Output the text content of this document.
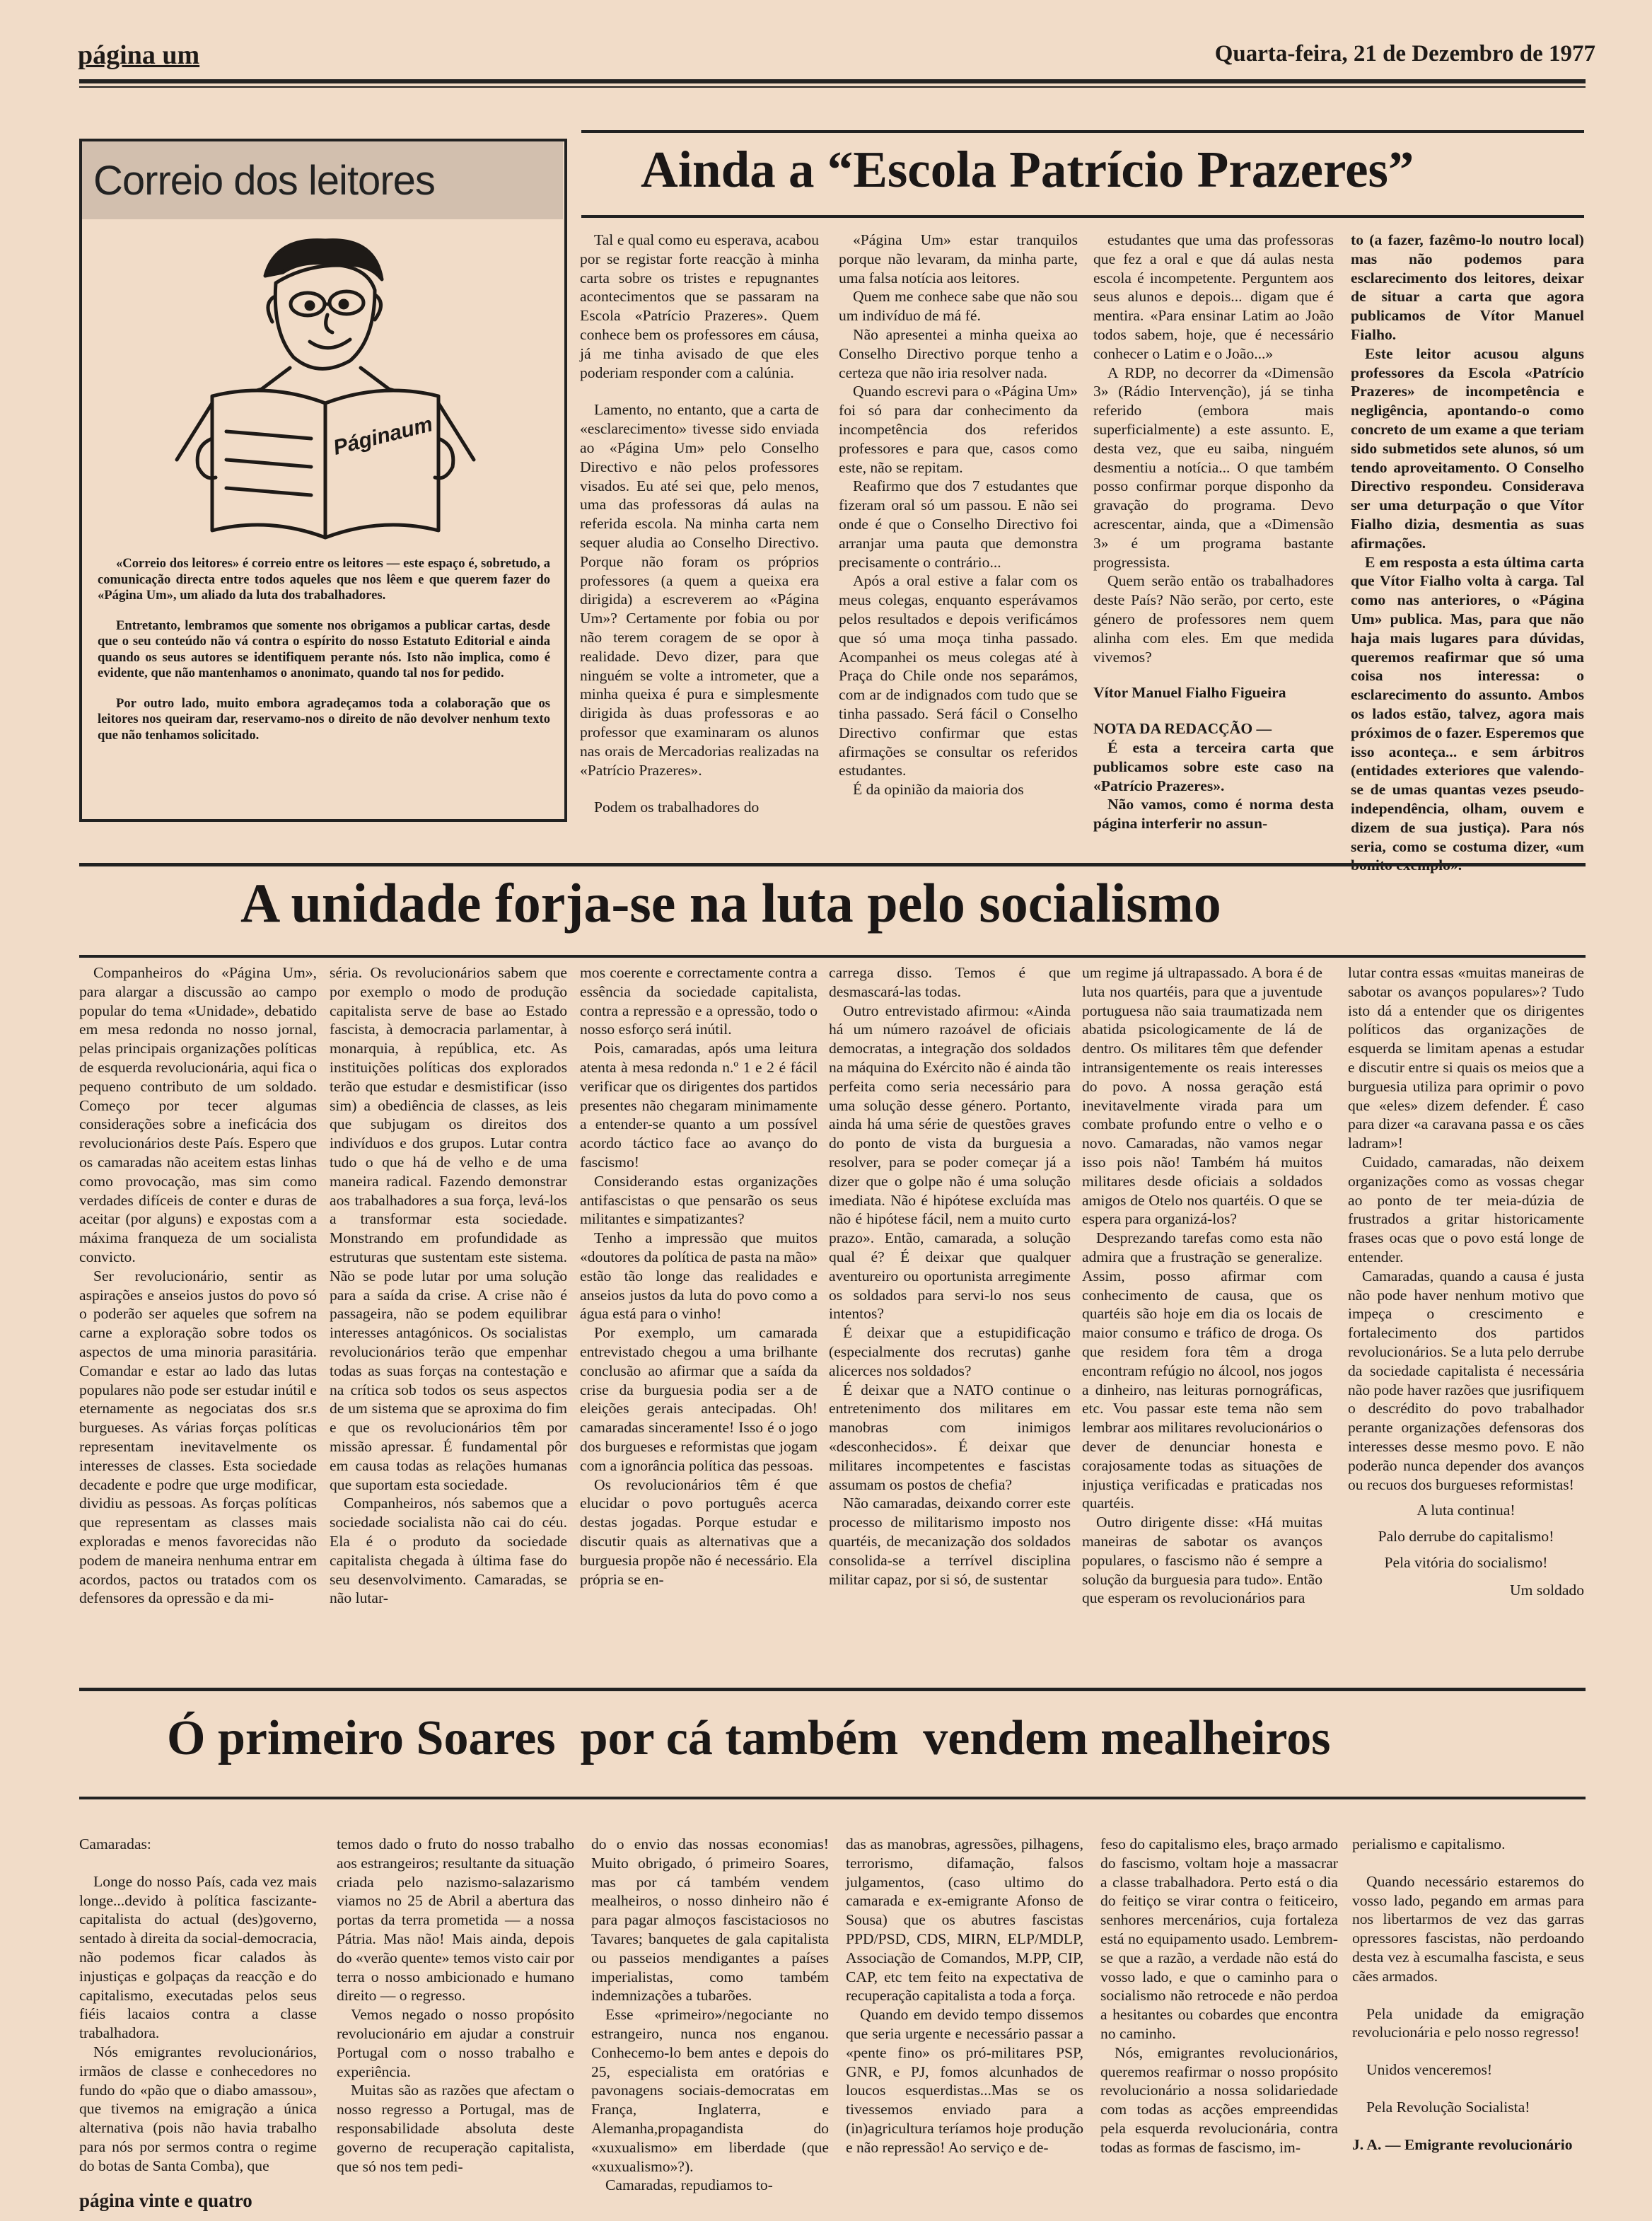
página um	Quarta-feira, 21 de Dezembro de 1977
Correio dos leitores
Páginaum

«Correio dos leitores» é correio entre os leitores — este espaço é, sobretudo, a comunicação directa entre todos aqueles que nos lêem e que querem fazer do «Página Um», um aliado da luta dos trabalhadores.

Entretanto, lembramos que somente nos obrigamos a publicar cartas, desde que o seu conteúdo não vá contra o espírito do nosso Estatuto Editorial e ainda quando os seus autores se identifiquem perante nós. Isto não implica, como é evidente, que não mantenhamos o anonimato, quando tal nos for pedido.

Por outro lado, muito embora agradeçamos toda a colaboração que os leitores nos queiram dar, reservamo-nos o direito de não devolver nenhum texto que não tenhamos solicitado.

Ainda a “Escola Patrício Prazeres”

Tal e qual como eu esperava, acabou por se registar forte reacção à minha carta sobre os tristes e repugnantes acontecimentos que se passaram na Escola «Patrício Prazeres». Quem conhece bem os professores em cáusa, já me tinha avisado de que eles poderiam responder com a calúnia.

Lamento, no entanto, que a carta de «esclarecimento» tivesse sido enviada ao «Página Um» pelo Conselho Directivo e não pelos professores visados. Eu até sei que, pelo menos, uma das professoras dá aulas na referida escola. Na minha carta nem sequer aludia ao Conselho Directivo. Porque não foram os próprios professores (a quem a queixa era dirigida) a escreverem ao «Página Um»? Certamente por fobia ou por não terem coragem de se opor à realidade. Devo dizer, para que ninguém se volte a intrometer, que a minha queixa é pura e simplesmente dirigida às duas professoras e ao professor que examinaram os alunos nas orais de Mercadorias realizadas na «Patrício Prazeres».

Podem os trabalhadores do

«Página Um» estar tranquilos porque não levaram, da minha parte, uma falsa notícia aos leitores.

Quem me conhece sabe que não sou um indivíduo de má fé.

Não apresentei a minha queixa ao Conselho Directivo porque tenho a certeza que não iria resolver nada.

Quando escrevi para o «Página Um» foi só para dar conhecimento da incompetência dos referidos professores e para que, casos como este, não se repitam.

Reafirmo que dos 7 estudantes que fizeram oral só um passou. E não sei onde é que o Conselho Directivo foi arranjar uma pauta que demonstra precisamente o contrário...

Após a oral estive a falar com os meus colegas, enquanto esperávamos pelos resultados e depois verificámos que só uma moça tinha passado. Acompanhei os meus colegas até à Praça do Chile onde nos separámos, com ar de indignados com tudo que se tinha passado. Será fácil o Conselho Directivo confirmar que estas afirmações se consultar os referidos estudantes.

É da opinião da maioria dos

estudantes que uma das professoras que fez a oral e que dá aulas nesta escola é incompetente. Perguntem aos seus alunos e depois... digam que é mentira. «Para ensinar Latim ao João todos sabem, hoje, que é necessário conhecer o Latim e o João...»

A RDP, no decorrer da «Dimensão 3» (Rádio Intervenção), já se tinha referido (embora mais superficialmente) a este assunto. E, desta vez, que eu saiba, ninguém desmentiu a notícia... O que também posso confirmar porque disponho da gravação do programa. Devo acrescentar, ainda, que a «Dimensão 3» é um programa bastante progressista.

Quem serão então os trabalhadores deste País? Não serão, por certo, este género de professores nem quem alinha com eles. Em que medida vivemos?

Vítor Manuel Fialho Figueira

NOTA DA REDACÇÃO —

É esta a terceira carta que publicamos sobre este caso na «Patrício Prazeres».

Não vamos, como é norma desta página interferir no assun-

to (a fazer, fazêmo-lo noutro local) mas não podemos para esclarecimento dos leitores, deixar de situar a carta que agora publicamos de Vítor Manuel Fialho.

Este leitor acusou alguns professores da Escola «Patrício Prazeres» de incompetência e negligência, apontando-o como concreto de um exame a que teriam sido submetidos sete alunos, só um tendo aproveitamento. O Conselho Directivo respondeu. Considerava ser uma deturpação o que Vítor Fialho dizia, desmentia as suas afirmações.

E em resposta a esta última carta que Vítor Fialho volta à carga. Tal como nas anteriores, o «Página Um» publica. Mas, para que não haja mais lugares para dúvidas, queremos reafirmar que só uma coisa nos interessa: o esclarecimento do assunto. Ambos os lados estão, talvez, agora mais próximos de o fazer. Esperemos que isso aconteça... e sem árbitros (entidades exteriores que valendo-se de umas quantas vezes pseudo-independência, olham, ouvem e dizem de sua justiça). Para nós seria, como se costuma dizer, «um

A unidade forja-se na luta pelo socialismo

Companheiros do «Página Um», para alargar a discussão ao campo popular do tema «Unidade», debatido em mesa redonda no nosso jornal, pelas principais organizações políticas de esquerda revolucionária, aqui fica o pequeno contributo de um soldado. Começo por tecer algumas considerações sobre a ineficácia dos revolucionários deste País. Espero que os camaradas não aceitem estas linhas como provocação, mas sim como verdades difíceis de conter e duras de aceitar (por alguns) e expostas com a máxima franqueza de um socialista convicto.

Ser revolucionário, sentir as aspirações e anseios justos do povo só o poderão ser aqueles que sofrem na carne a exploração sobre todos os aspectos de uma minoria parasitária. Comandar e estar ao lado das lutas populares não pode ser estudar inútil e eternamente as negociatas dos sr.s burgueses. As várias forças políticas representam inevitavelmente os interesses de classes. Esta sociedade decadente e podre que urge modificar, dividiu as pessoas. As forças políticas que representam as classes mais exploradas e menos favorecidas não podem de maneira nenhuma entrar em acordos, pactos ou tratados com os defensores da opressão e da mi-

séria. Os revolucionários sabem que por exemplo o modo de produção capitalista serve de base ao Estado fascista, à democracia parlamentar, à monarquia, à república, etc. As instituições políticas dos explorados terão que estudar e desmistificar (isso sim) a obediência de classes, as leis que subjugam os direitos dos indivíduos e dos grupos. Lutar contra tudo o que há de velho e de uma maneira radical. Fazendo demonstrar aos trabalhadores a sua força, levá-los a transformar esta sociedade. Monstrando em profundidade as estruturas que sustentam este sistema. Não se pode lutar por uma solução para a saída da crise. A crise não é passageira, não se podem equilibrar interesses antagónicos. Os socialistas revolucionários terão que empenhar todas as suas forças na contestação e na crítica sob todos os seus aspectos de um sistema que se aproxima do fim e que os revolucionários têm por missão apressar. É fundamental pôr em causa todas as relações humanas que suportam esta sociedade.

Companheiros, nós sabemos que a sociedade socialista não cai do céu. Ela é o produto da sociedade capitalista chegada à última fase do seu desenvolvimento. Camaradas, se não lutar-

mos coerente e correctamente contra a essência da sociedade capitalista, contra a repressão e a opressão, todo o nosso esforço será inútil.

Pois, camaradas, após uma leitura atenta à mesa redonda n.º 1 e 2 é fácil verificar que os dirigentes dos partidos presentes não chegaram minimamente a entender-se quanto a um possível acordo táctico face ao avanço do fascismo!

Considerando estas organizações antifascistas o que pensarão os seus militantes e simpatizantes?

Tenho a impressão que muitos «doutores da política de pasta na mão» estão tão longe das realidades e anseios justos da luta do povo como a água está para o vinho!

Por exemplo, um camarada entrevistado chegou a uma brilhante conclusão ao afirmar que a saída da crise da burguesia podia ser a de eleições gerais antecipadas. Oh! camaradas sinceramente! Isso é o jogo dos burgueses e reformistas que jogam com a ignorância política das pessoas.

Os revolucionários têm é que elucidar o povo português acerca destas jogadas. Porque estudar e discutir quais as alternativas que a burguesia propõe não é necessário. Ela própria se en-

carrega disso. Temos é que desmascará-las todas.

Outro entrevistado afirmou: «Ainda há um número razoável de oficiais democratas, a integração dos soldados na máquina do Exército não é ainda tão perfeita como seria necessário para uma solução desse género. Portanto, ainda há uma série de questões graves do ponto de vista da burguesia a resolver, para se poder começar já a dizer que o golpe não é uma solução imediata. Não é hipótese excluída mas não é hipótese fácil, nem a muito curto prazo». Então, camarada, a solução qual é? É deixar que qualquer aventureiro ou oportunista arregimente os soldados para servi-lo nos seus intentos?

É deixar que a estupidificação (especialmente dos recrutas) ganhe alicerces nos soldados?

É deixar que a NATO continue o entretenimento dos militares em manobras com inimigos «desconhecidos». É deixar que militares incompetentes e fascistas assumam os postos de chefia?

Não camaradas, deixando correr este processo de militarismo imposto nos quartéis, de mecanização dos soldados consolida-se a terrível disciplina militar capaz, por si só, de sustentar

um regime já ultrapassado. A bora é de luta nos quartéis, para que a juventude portuguesa não saia traumatizada nem abatida psicologicamente de lá de dentro. Os militares têm que defender intransigentemente os reais interesses do povo. A nossa geração está inevitavelmente virada para um combate profundo entre o velho e o novo. Camaradas, não vamos negar isso pois não! Também há muitos militares desde oficiais a soldados amigos de Otelo nos quartéis. O que se espera para organizá-los?

Desprezando tarefas como esta não admira que a frustração se generalize. Assim, posso afirmar com conhecimento de causa, que os quartéis são hoje em dia os locais de maior consumo e tráfico de droga. Os que residem fora têm a droga encontram refúgio no álcool, nos jogos a dinheiro, nas leituras pornográficas, etc. Vou passar este tema não sem lembrar aos militares revolucionários o dever de denunciar honesta e corajosamente todas as situações de injustiça verificadas e praticadas nos quartéis.

Outro dirigente disse: «Há muitas maneiras de sabotar os avanços populares, o fascismo não é sempre a solução da burguesia para tudo». Então que esperam os revolucionários para

lutar contra essas «muitas maneiras de sabotar os avanços populares»? Tudo isto dá a entender que os dirigentes políticos das organizações de esquerda se limitam apenas a estudar e discutir entre si quais os meios que a burguesia utiliza para oprimir o povo que «eles» dizem defender. É caso para dizer «a caravana passa e os cães ladram»!

Cuidado, camaradas, não deixem organizações como as vossas chegar ao ponto de ter meia-dúzia de frustrados a gritar historicamente frases ocas que o povo está longe de entender.

Camaradas, quando a causa é justa não pode haver nenhum motivo que impeça o crescimento e fortalecimento dos partidos revolucionários. Se a luta pelo derrube da sociedade capitalista é necessária não pode haver razões que jusrifiquem o descrédito do povo trabalhador perante organizações defensoras dos interesses desse mesmo povo. E não poderão nunca depender dos avanços ou recuos dos burgueses reformistas!

A luta continua!

Palo derrube do capitalismo!

Pela vitória do socialismo!

Um soldado

Ó primeiro Soares  por cá também  vendem mealheiros

Camaradas:

Longe do nosso País, cada vez mais longe...devido à política fascizante-capitalista do actual (des)governo, sentado à direita da social-democracia, não podemos ficar calados às injustiças e golpaças da reacção e do capitalismo, executadas pelos seus fiéis lacaios contra a classe trabalhadora.

Nós emigrantes revolucionários, irmãos de classe e conhecedores no fundo do «pão que o diabo amassou», que tivemos na emigração a única alternativa (pois não havia trabalho para nós por sermos contra o regime do botas de Santa Comba), que

temos dado o fruto do nosso trabalho aos estrangeiros; resultante da situação criada pelo nazismo-salazarismo viamos no 25 de Abril a abertura das portas da terra prometida — a nossa Pátria. Mas não! Mais ainda, depois do «verão quente» temos visto cair por terra o nosso ambicionado e humano direito — o regresso.

Vemos negado o nosso propósito revolucionário em ajudar a construir Portugal com o nosso trabalho e experiência.

Muitas são as razões que afectam o nosso regresso a Portugal, mas de responsabilidade absoluta deste governo de recuperação capitalista, que só nos tem pedi-

do o envio das nossas economias! Muito obrigado, ó primeiro Soares, mas por cá também vendem mealheiros, o nosso dinheiro não é para pagar almoços fascistaciosos no Tavares; banquetes de gala capitalista ou passeios mendigantes a países imperialistas, como também indemnizações a tubarões.

Esse «primeiro»/negociante no estrangeiro, nunca nos enganou. Conhecemo-lo bem antes e depois do 25, especialista em oratórias e pavonagens sociais-democratas em França, Inglaterra, e Alemanha,propagandista do «xuxualismo» em liberdade (que «xuxualismo»?).

Camaradas, repudiamos to-

das as manobras, agressões, pilhagens, terrorismo, difamação, falsos julgamentos, (caso ultimo do camarada e ex-emigrante Afonso de Sousa) que os abutres fascistas PPD/PSD, CDS, MIRN, ELP/MDLP, Associação de Comandos, M.PP, CIP, CAP, etc tem feito na expectativa de recuperação capitalista a toda a força.

Quando em devido tempo dissemos que seria urgente e necessário passar a «pente fino» os pró-militares PSP, GNR, e PJ, fomos alcunhados de loucos esquerdistas...Mas se os tivessemos enviado para a (in)agricultura teríamos hoje produção e não repressão! Ao serviço e de-

feso do capitalismo eles, braço armado do fascismo, voltam hoje a massacrar a classe trabalhadora. Perto está o dia do feitiço se virar contra o feiticeiro, senhores mercenários, cuja fortaleza está no equipamento usado. Lembrem-se que a razão, a verdade não está do vosso lado, e que o caminho para o socialismo não retrocede e não perdoa a hesitantes ou cobardes que encontra no caminho.

Nós, emigrantes revolucionários, queremos reafirmar o nosso propósito revolucionário a nossa solidariedade com todas as acções empreendidas pela esquerda revolucionária, contra todas as formas de fascismo, im-

perialismo e capitalismo.

Quando necessário estaremos do vosso lado, pegando em armas para nos libertarmos de vez das garras opressores fascistas, não perdoando desta vez à escumalha fascista, e seus cães armados.

Pela unidade da emigração revolucionária e pelo nosso regresso!

Unidos venceremos!

Pela Revolução Socialista!

J. A. — Emigrante revolucionário

página vinte e quatro
